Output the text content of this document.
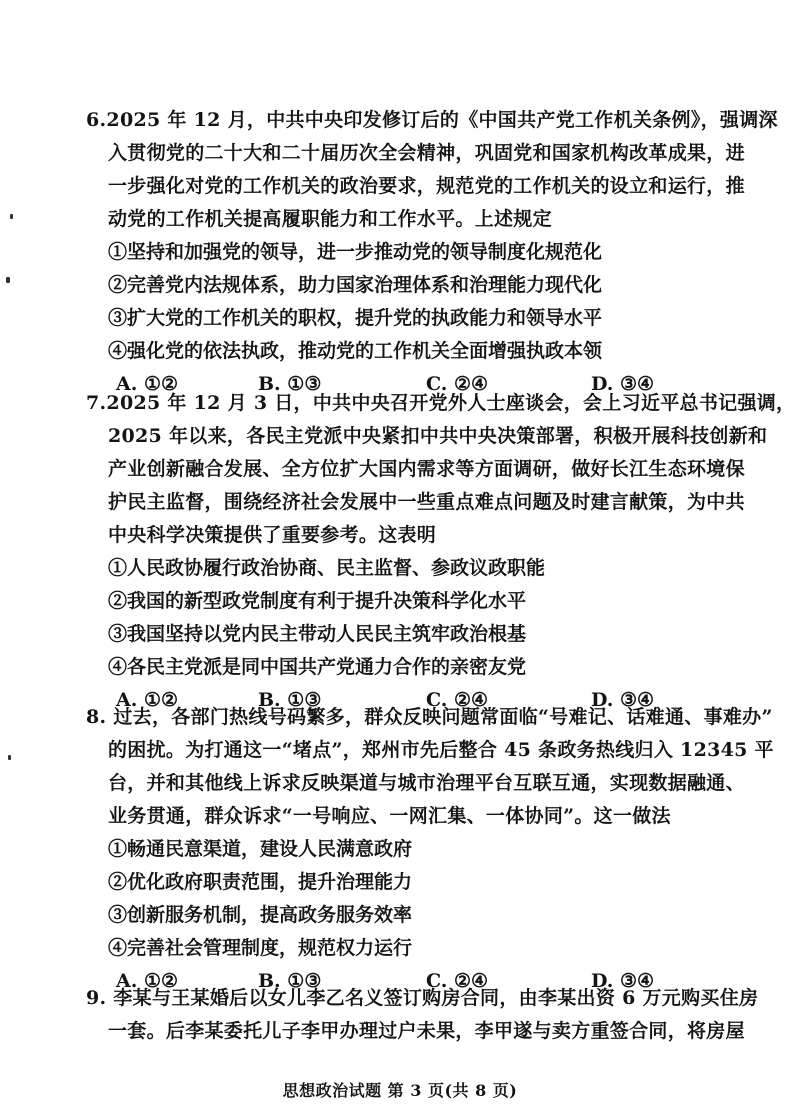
6.2025 年 12 月，中共中央印发修订后的《中国共产党工作机关条例》，强调深
入贯彻党的二十大和二十届历次全会精神，巩固党和国家机构改革成果，进
一步强化对党的工作机关的政治要求，规范党的工作机关的设立和运行，推
动党的工作机关提高履职能力和工作水平。上述规定
①坚持和加强党的领导，进一步推动党的领导制度化规范化
②完善党内法规体系，助力国家治理体系和治理能力现代化
③扩大党的工作机关的职权，提升党的执政能力和领导水平
④强化党的依法执政，推动党的工作机关全面增强执政本领
A. ①②	B. ①③	C. ②④	D. ③④
7.2025 年 12 月 3 日，中共中央召开党外人士座谈会，会上习近平总书记强调，
2025 年以来，各民主党派中央紧扣中共中央决策部署，积极开展科技创新和
产业创新融合发展、全方位扩大国内需求等方面调研，做好长江生态环境保
护民主监督，围绕经济社会发展中一些重点难点问题及时建言献策，为中共
中央科学决策提供了重要参考。这表明
①人民政协履行政治协商、民主监督、参政议政职能
②我国的新型政党制度有利于提升决策科学化水平
③我国坚持以党内民主带动人民民主筑牢政治根基
④各民主党派是同中国共产党通力合作的亲密友党
A. ①②	B. ①③	C. ②④	D. ③④
8. 过去，各部门热线号码繁多，群众反映问题常面临“号难记、话难通、事难办”
的困扰。为打通这一“堵点”，郑州市先后整合 45 条政务热线归入 12345 平
台，并和其他线上诉求反映渠道与城市治理平台互联互通，实现数据融通、
业务贯通，群众诉求“一号响应、一网汇集、一体协同”。这一做法
①畅通民意渠道，建设人民满意政府
②优化政府职责范围，提升治理能力
③创新服务机制，提高政务服务效率
④完善社会管理制度，规范权力运行
A. ①②	B. ①③	C. ②④	D. ③④
9. 李某与王某婚后以女儿李乙名义签订购房合同，由李某出资 6 万元购买住房
一套。后李某委托儿子李甲办理过户未果，李甲遂与卖方重签合同，将房屋
思想政治试题 第 3 页(共 8 页)
